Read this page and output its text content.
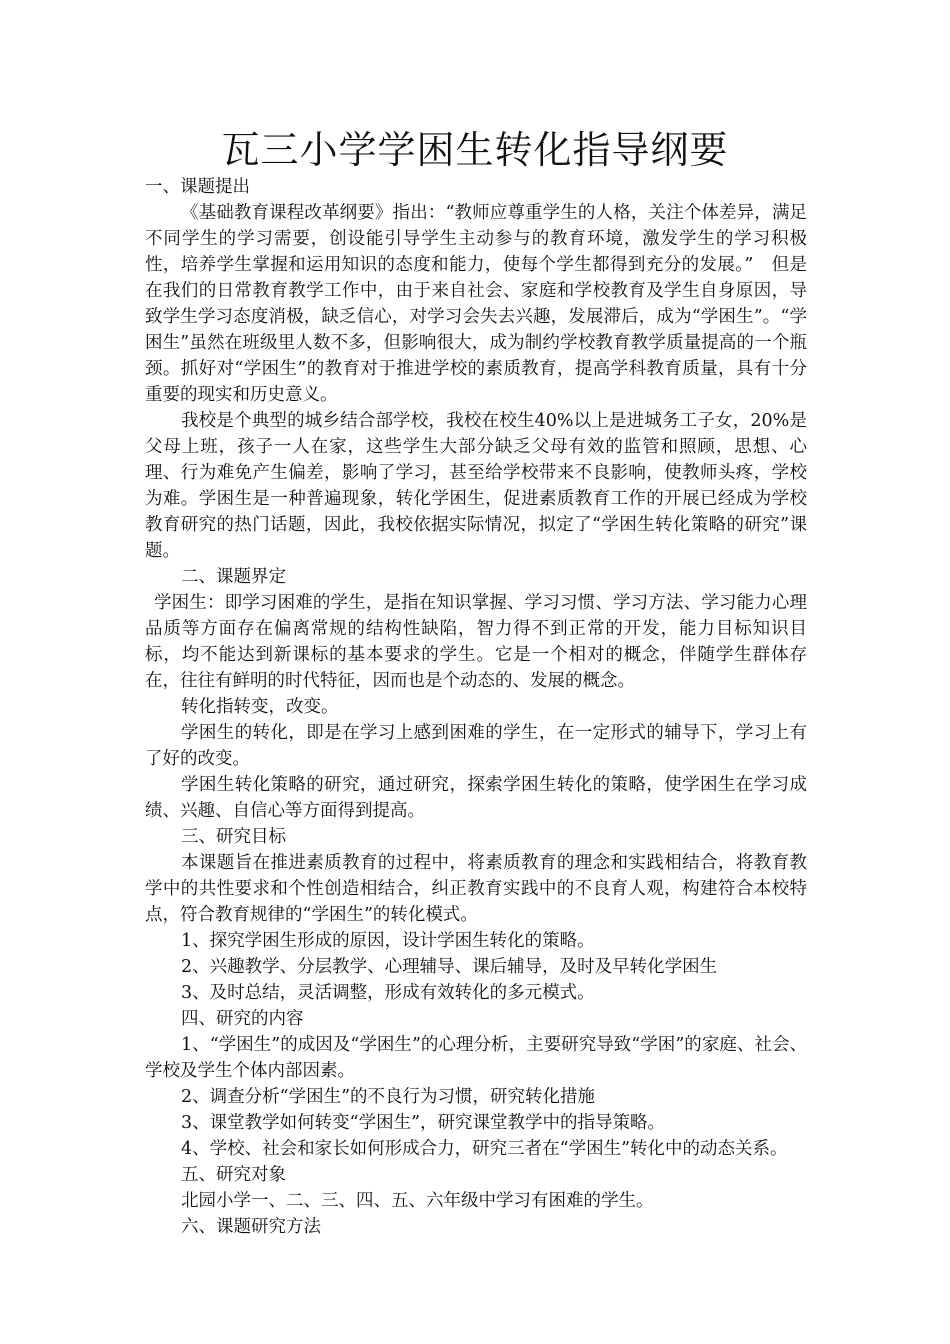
瓦三小学学困生转化指导纲要

一、课题提出

《基础教育课程改革纲要》指出：“教师应尊重学生的人格，关注个体差异，满足不同学生的学习需要，创设能引导学生主动参与的教育环境，激发学生的学习积极性，培养学生掌握和运用知识的态度和能力，使每个学生都得到充分的发展。”　但是在我们的日常教育教学工作中，由于来自社会、家庭和学校教育及学生自身原因，导致学生学习态度消极，缺乏信心，对学习会失去兴趣，发展滞后，成为“学困生”。“学困生”虽然在班级里人数不多，但影响很大，成为制约学校教育教学质量提高的一个瓶颈。抓好对“学困生”的教育对于推进学校的素质教育，提高学科教育质量，具有十分重要的现实和历史意义。

我校是个典型的城乡结合部学校，我校在校生40%以上是进城务工子女，20%是父母上班，孩子一人在家，这些学生大部分缺乏父母有效的监管和照顾，思想、心理、行为难免产生偏差，影响了学习，甚至给学校带来不良影响，使教师头疼，学校为难。学困生是一种普遍现象，转化学困生，促进素质教育工作的开展已经成为学校教育研究的热门话题，因此，我校依据实际情况，拟定了“学困生转化策略的研究”课题。

二、课题界定

学困生：即学习困难的学生，是指在知识掌握、学习习惯、学习方法、学习能力心理品质等方面存在偏离常规的结构性缺陷，智力得不到正常的开发，能力目标知识目标，均不能达到新课标的基本要求的学生。它是一个相对的概念，伴随学生群体存在，往往有鲜明的时代特征，因而也是个动态的、发展的概念。

转化指转变，改变。

学困生的转化，即是在学习上感到困难的学生，在一定形式的辅导下，学习上有了好的改变。

学困生转化策略的研究，通过研究，探索学困生转化的策略，使学困生在学习成绩、兴趣、自信心等方面得到提高。

三、研究目标

本课题旨在推进素质教育的过程中，将素质教育的理念和实践相结合，将教育教学中的共性要求和个性创造相结合，纠正教育实践中的不良育人观，构建符合本校特点，符合教育规律的“学困生”的转化模式。

1、探究学困生形成的原因，设计学困生转化的策略。

2、兴趣教学、分层教学、心理辅导、课后辅导，及时及早转化学困生

3、及时总结，灵活调整，形成有效转化的多元模式。

四、研究的内容

1、“学困生”的成因及“学困生”的心理分析，主要研究导致“学困”的家庭、社会、学校及学生个体内部因素。

2、调查分析“学困生”的不良行为习惯，研究转化措施

3、课堂教学如何转变“学困生”，研究课堂教学中的指导策略。

4、学校、社会和家长如何形成合力，研究三者在“学困生”转化中的动态关系。

五、研究对象

北园小学一、二、三、四、五、六年级中学习有困难的学生。

六、课题研究方法
